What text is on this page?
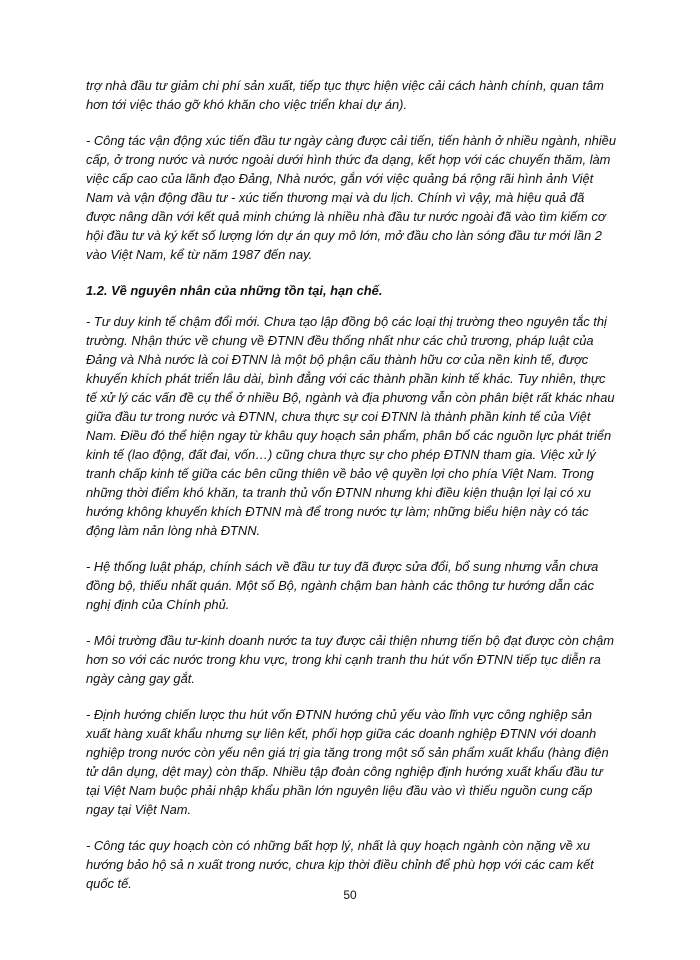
trợ nhà đầu tư giảm chi phí sản xuất, tiếp tục thực hiện việc cải cách hành chính, quan tâm hơn tới việc tháo gỡ khó khăn cho việc triển khai dự án).

- Công tác vận động xúc tiến đầu tư ngày càng được cải tiến, tiến hành ở nhiều ngành, nhiều cấp, ở trong nước và nước ngoài dưới hình thức đa dạng, kết hợp với các chuyến thăm, làm việc cấp cao của lãnh đạo Đảng, Nhà nước, gắn với việc quảng bá rộng rãi hình ảnh Việt Nam và vận động đầu tư - xúc tiến thương mại và du lịch. Chính vì vậy, mà hiệu quả đã được nâng dần với kết quả minh chứng là nhiều nhà đầu tư nước ngoài đã vào tìm kiếm cơ hội đầu tư và ký kết số lượng lớn dự án quy mô lớn, mở đầu cho làn sóng đầu tư mới lần 2 vào Việt Nam, kể từ năm 1987 đến nay.

1.2. Về nguyên nhân của những tồn tại, hạn chế.

- Tư duy kinh tế chậm đổi mới. Chưa tạo lập đồng bộ các loại thị trường theo nguyên tắc thị trường. Nhận thức về chung về ĐTNN đều thống nhất như các chủ trương, pháp luật của Đảng và Nhà nước là coi ĐTNN là một bộ phận cấu thành hữu cơ của nền kinh tế, được khuyến khích phát triển lâu dài, bình đẳng với các thành phần kinh tế khác. Tuy nhiên, thực tế xử lý các vấn đề cụ thể ở nhiều Bộ, ngành và địa phương vẫn còn phân biệt rất khác nhau giữa đầu tư trong nước và ĐTNN, chưa thực sự coi ĐTNN là thành phần kinh tế của Việt Nam. Điều đó thể hiện ngay từ khâu quy hoạch sản phẩm, phân bổ các nguồn lực phát triển kinh tế (lao động, đất đai, vốn…) cũng chưa thực sự cho phép ĐTNN tham gia. Việc xử lý tranh chấp kinh tế giữa các bên cũng thiên về bảo vệ quyền lợi cho phía Việt Nam. Trong những thời điểm khó khăn, ta tranh thủ vốn ĐTNN nhưng khi điều kiện thuận lợi lại có xu hướng không khuyến khích ĐTNN mà để trong nước tự làm; những biểu hiện này có tác động làm nản lòng nhà ĐTNN.

- Hệ thống luật pháp, chính sách về đầu tư tuy đã được sửa đổi, bổ sung nhưng vẫn chưa đồng bộ, thiếu nhất quán. Một số Bộ, ngành chậm ban hành các thông tư hướng dẫn các nghị định của Chính phủ.

- Môi trường đầu tư-kinh doanh nước ta tuy được cải thiện nhưng tiến bộ đạt được còn chậm hơn so với các nước trong khu vực, trong khi cạnh tranh thu hút vốn ĐTNN tiếp tục diễn ra ngày càng gay gắt.

- Định hướng chiến lược thu hút vốn ĐTNN hướng chủ yếu vào lĩnh vực công nghiệp sản xuất hàng xuất khẩu nhưng sự liên kết, phối hợp giữa các doanh nghiệp ĐTNN với doanh nghiệp trong nước còn yếu nên giá trị gia tăng trong một số sản phẩm xuất khẩu (hàng điện tử dân dụng, dệt may) còn thấp. Nhiều tập đoàn công nghiệp định hướng xuất khẩu đầu tư tại Việt Nam buộc phải nhập khẩu phần lớn nguyên liệu đầu vào vì thiếu nguồn cung cấp ngay tại Việt Nam.

- Công tác quy hoạch còn có những bất hợp lý, nhất là quy hoạch ngành còn nặng về xu hướng bảo hộ sả n xuất trong nước, chưa kịp thời điều chỉnh để phù hợp với các cam kết quốc tế.

50
